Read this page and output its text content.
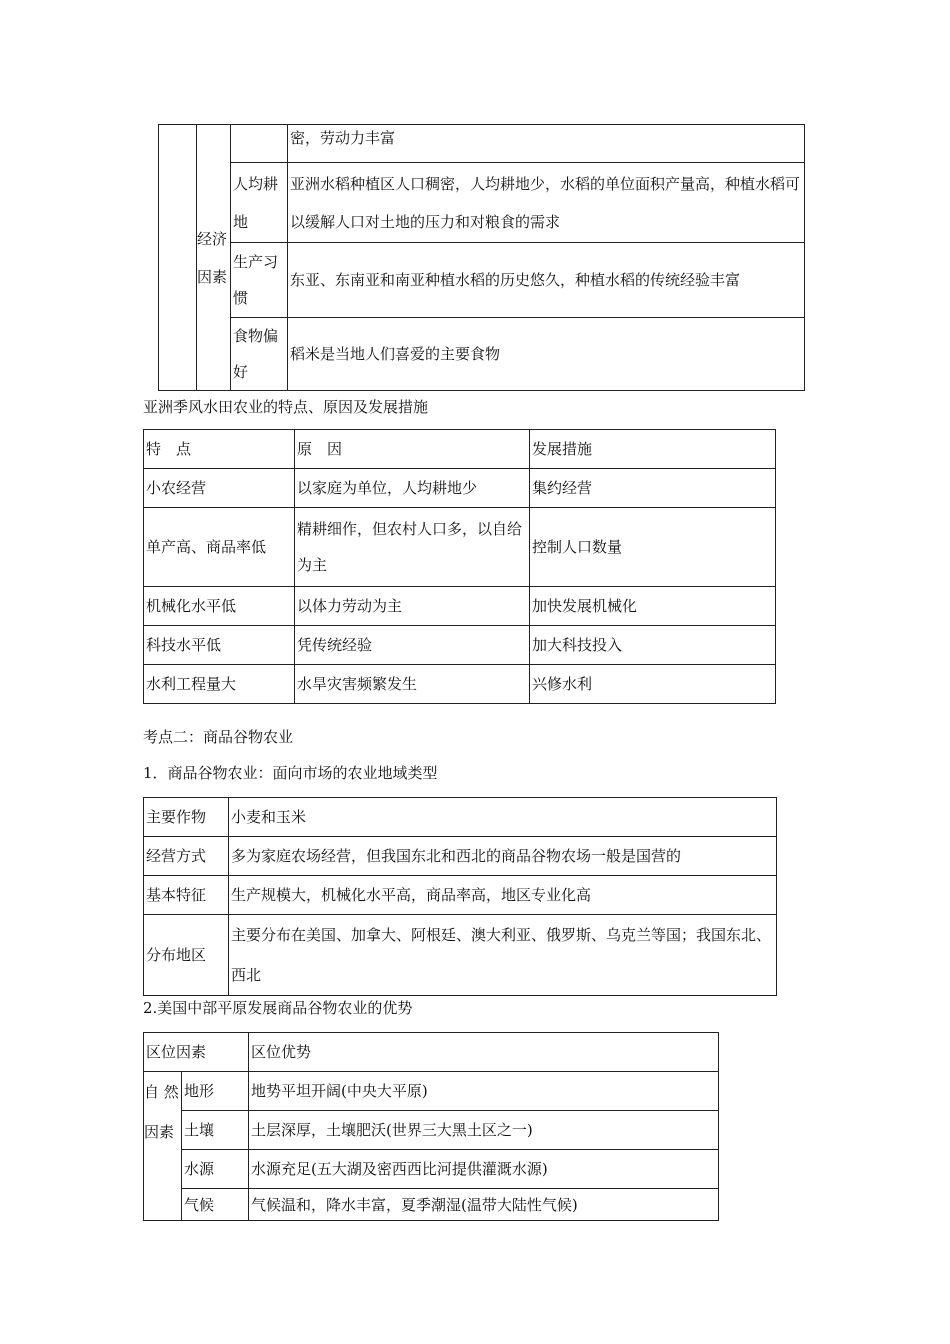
	经济因素		密，劳动力丰富
		人均耕地	亚洲水稻种植区人口稠密，人均耕地少，水稻的单位面积产量高，种植水稻可以缓解人口对土地的压力和对粮食的需求
		生产习惯	东亚、东南亚和南亚种植水稻的历史悠久，种植水稻的传统经验丰富
		食物偏好	稻米是当地人们喜爱的主要食物

亚洲季风水田农业的特点、原因及发展措施

特　点	原　因	发展措施
小农经营	以家庭为单位，人均耕地少	集约经营
单产高、商品率低	精耕细作，但农村人口多，以自给为主	控制人口数量
机械化水平低	以体力劳动为主	加快发展机械化
科技水平低	凭传统经验	加大科技投入
水利工程量大	水旱灾害频繁发生	兴修水利

考点二：商品谷物农业

1．商品谷物农业：面向市场的农业地域类型

主要作物	小麦和玉米
经营方式	多为家庭农场经营，但我国东北和西北的商品谷物农场一般是国营的
基本特征	生产规模大，机械化水平高，商品率高，地区专业化高
分布地区	主要分布在美国、加拿大、阿根廷、澳大利亚、俄罗斯、乌克兰等国；我国东北、西北

2.美国中部平原发展商品谷物农业的优势

区位因素		区位优势

自 然
因素	地形	地势平坦开阔(中央大平原)
	土壤	土层深厚，土壤肥沃(世界三大黑土区之一)
	水源	水源充足(五大湖及密西西比河提供灌溉水源)
	气候	气候温和，降水丰富，夏季潮湿(温带大陆性气候)
